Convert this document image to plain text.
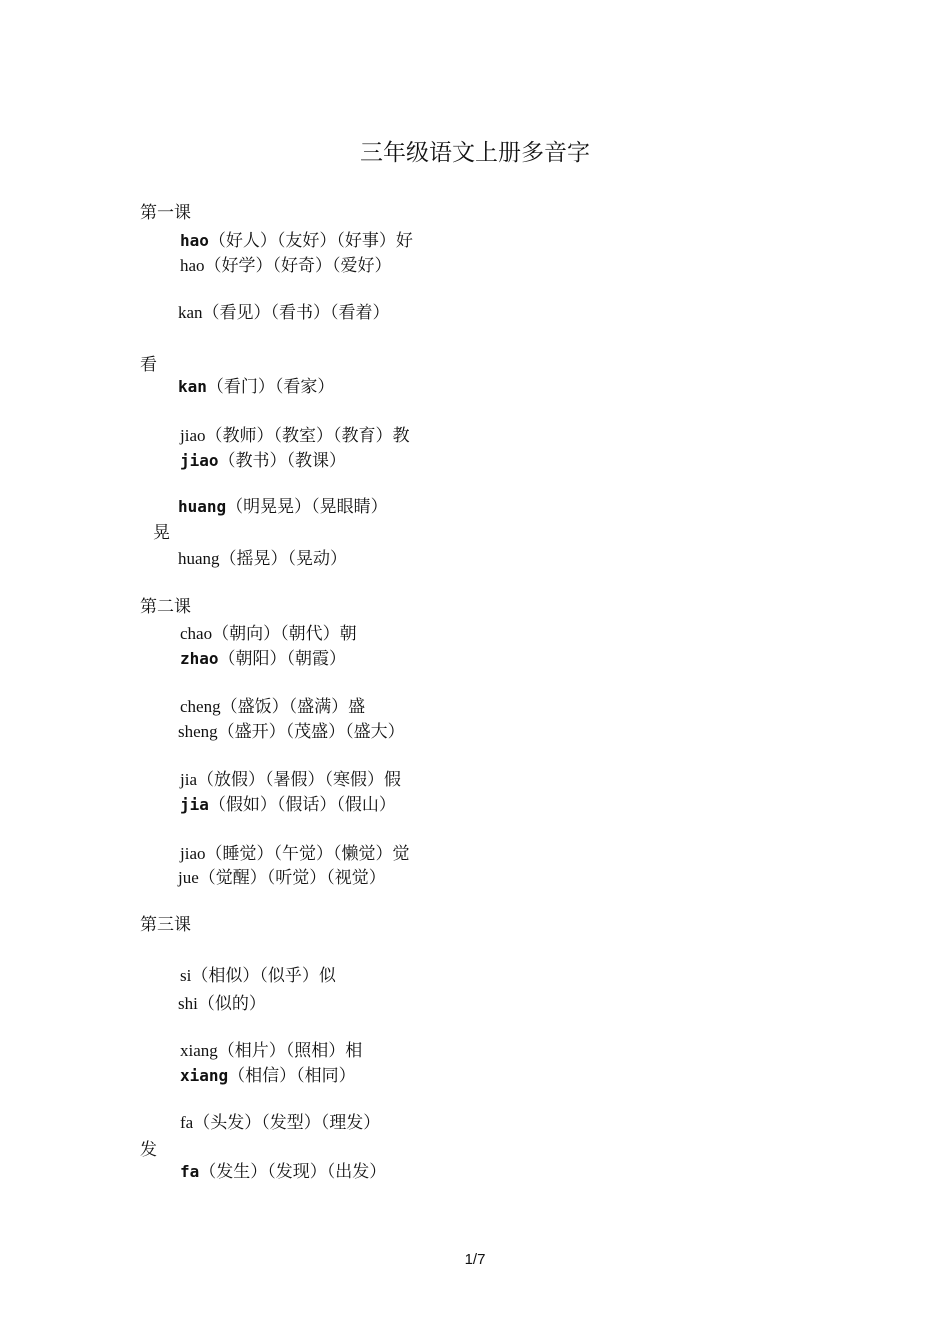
三年级语文上册多音字
第一课
hao（好人）（友好）（好事）好
hao（好学）（好奇）（爱好）
kan（看见）（看书）（看着）
看
kan（看门）（看家）
jiao（教师）（教室）（教育）教
jiao（教书）（教课）
huang（明晃晃）（晃眼睛）
晃
huang（摇晃）（晃动）
第二课
chao（朝向）（朝代）朝
zhao（朝阳）（朝霞）
cheng（盛饭）（盛满）盛
sheng（盛开）（茂盛）（盛大）
jia（放假）（暑假）（寒假）假
jia（假如）（假话）（假山）
jiao（睡觉）（午觉）（懒觉）觉
jue（觉醒）（听觉）（视觉）
第三课
si（相似）（似乎）似
shi（似的）
xiang（相片）（照相）相
xiang（相信）（相同）
fa（头发）（发型）（理发）
发
fa（发生）（发现）（出发）
1/7
